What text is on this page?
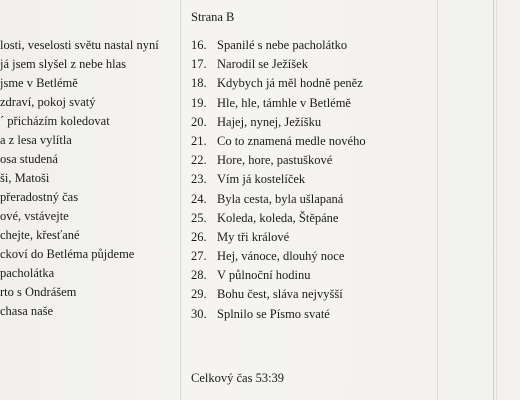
losti, veselosti světu nastal nyní
já jsem slyšel z nebe hlas
jsme v Betlémě
zdraví, pokoj svatý
´ přicházím koledovat
a z lesa vylítla
osa studená
ši, Matoši
přeradostný čas
ové, vstávejte
chejte, křesťané
ckoví do Betléma půjdeme
pacholátka
rto s Ondrášem
chasa naše
Strana B
16. Spanilé s nebe pacholátko
17. Narodil se Ježíšek
18. Kdybych já měl hodně peněz
19. Hle, hle, támhle v Betlémě
20. Hajej, nynej, Ježíšku
21. Co to znamená medle nového
22. Hore, hore, pastuškové
23. Vím já kostelíček
24. Byla cesta, byla ušlapaná
25. Koleda, koleda, Štěpáne
26. My tři králové
27. Hej, vánoce, dlouhý noce
28. V půlnoční hodinu
29. Bohu čest, sláva nejvyšší
30. Splnilo se Písmo svaté
Celkový čas 53:39
